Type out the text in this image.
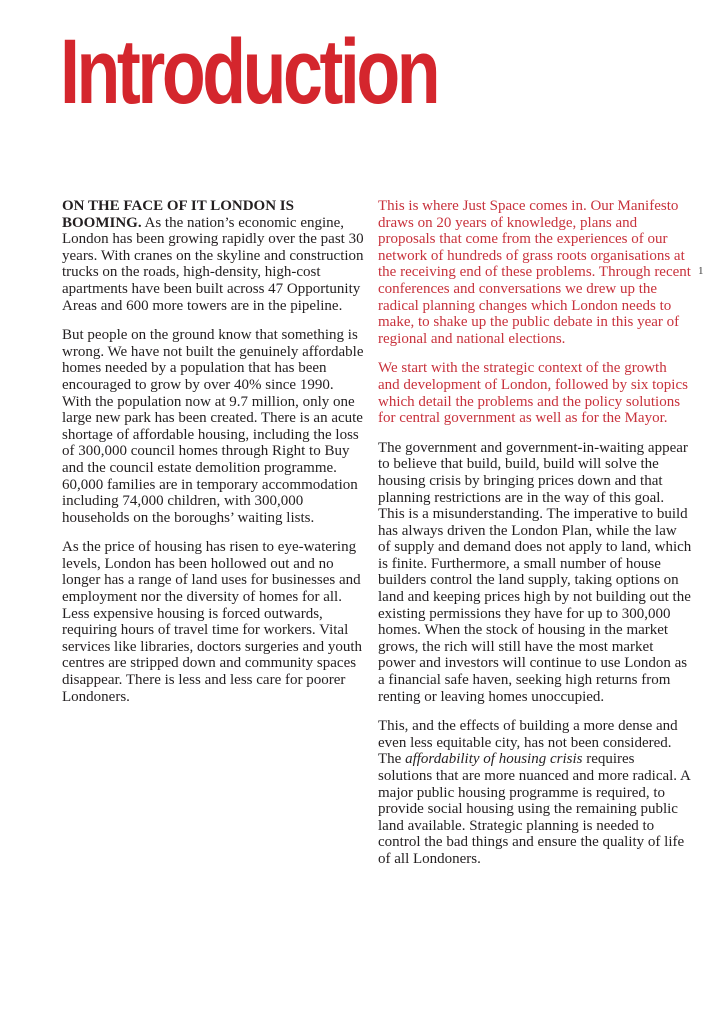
Introduction

ON THE FACE OF IT LONDON IS BOOMING. As the nation’s economic engine, London has been growing rapidly over the past 30 years. With cranes on the skyline and construction trucks on the roads, high-density, high-cost apartments have been built across 47 Opportunity Areas and 600 more towers are in the pipeline.

But people on the ground know that something is wrong. We have not built the genuinely affordable homes needed by a population that has been encouraged to grow by over 40% since 1990. With the population now at 9.7 million, only one large new park has been created. There is an acute shortage of affordable housing, including the loss of 300,000 council homes through Right to Buy and the council estate demolition programme. 60,000 families are in temporary accommodation including 74,000 children, with 300,000 households on the boroughs’ waiting lists.

As the price of housing has risen to eye-watering levels, London has been hollowed out and no longer has a range of land uses for businesses and employment nor the diversity of homes for all. Less expensive housing is forced outwards, requiring hours of travel time for workers. Vital services like libraries, doctors surgeries and youth centres are stripped down and community spaces disappear. There is less and less care for poorer Londoners.

This is where Just Space comes in. Our Manifesto draws on 20 years of knowledge, plans and proposals that come from the experiences of our network of hundreds of grass roots organisations at the receiving end of these problems. Through recent conferences and conversations we drew up the radical planning changes which London needs to make, to shake up the public debate in this year of regional and national elections.

We start with the strategic context of the growth and development of London, followed by six topics which detail the problems and the policy solutions for central government as well as for the Mayor.

The government and government-in-waiting appear to believe that build, build, build will solve the housing crisis by bringing prices down and that planning restrictions are in the way of this goal. This is a misunderstanding. The imperative to build has always driven the London Plan, while the law of supply and demand does not apply to land, which is finite. Furthermore, a small number of house builders control the land supply, taking options on land and keeping prices high by not building out the existing permissions they have for up to 300,000 homes. When the stock of housing in the market grows, the rich will still have the most market power and investors will continue to use London as a financial safe haven, seeking high returns from renting or leaving homes unoccupied.

This, and the effects of building a more dense and even less equitable city, has not been considered. The affordability of housing crisis requires solutions that are more nuanced and more radical. A major public housing programme is required, to provide social housing using the remaining public land available. Strategic planning is needed to control the bad things and ensure the quality of life of all Londoners.

1
